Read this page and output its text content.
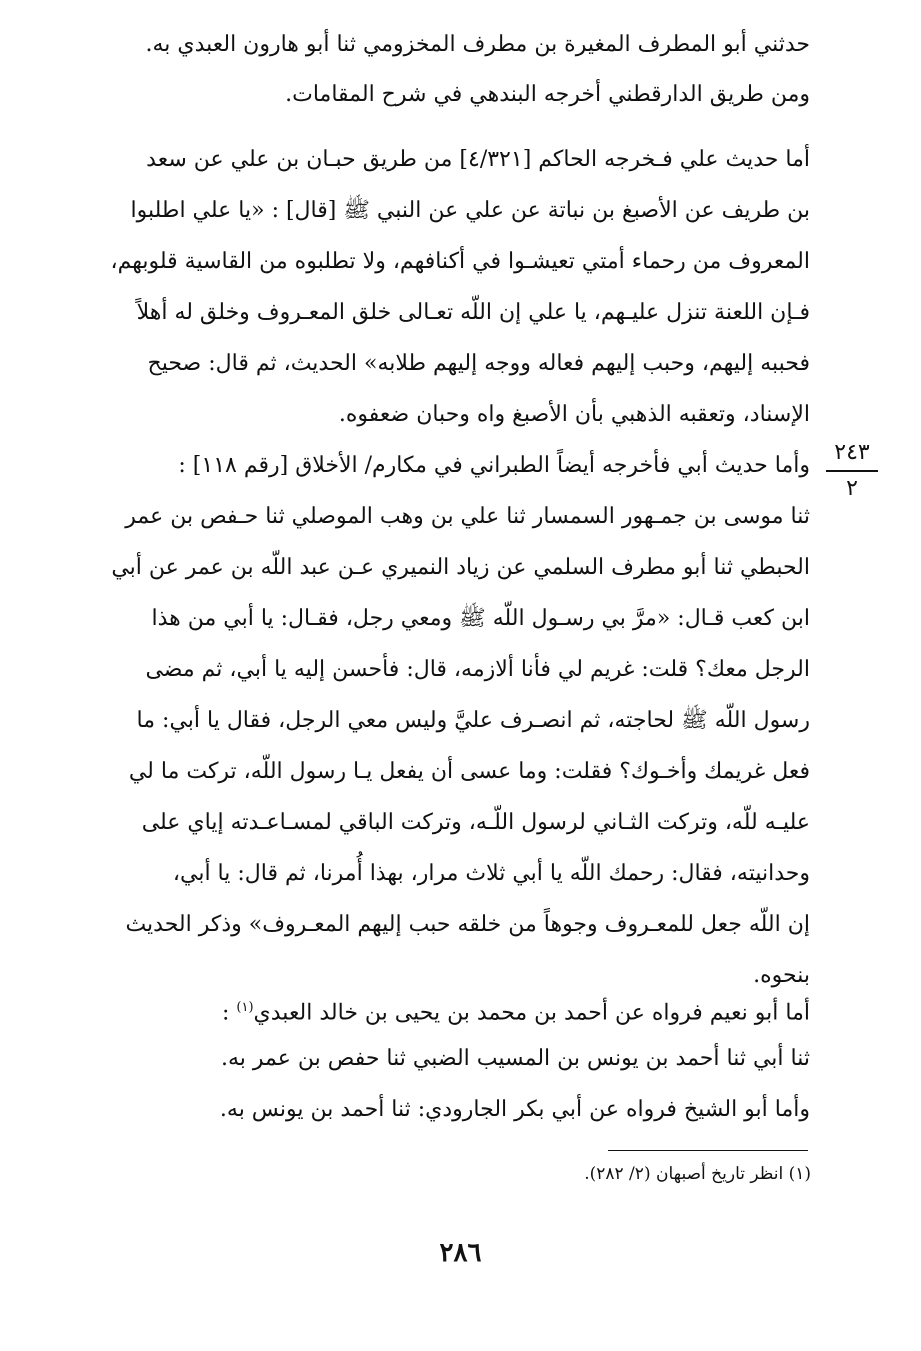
حدثني أبو المطرف المغيرة بن مطرف المخزومي ثنا أبو هارون العبدي به.
ومن طريق الدارقطني أخرجه البندهي في شرح المقامات.
أما حديث علي فـخرجه الحاكم [٤/٣٢١] من طريق حبـان بن علي عن سعد
بن طريف عن الأصبغ بن نباتة عن علي عن النبي ﷺ [قال] : «يا علي اطلبوا
المعروف من رحماء أمتي تعيشـوا في أكنافهم، ولا تطلبوه من القاسية قلوبهم،
فـإن اللعنة تنزل عليـهم، يا علي إن اللّه تعـالى خلق المعـروف وخلق له أهلاً
فحببه إليهم، وحبب إليهم فعاله ووجه إليهم طلابه» الحديث، ثم قال: صحيح
الإسناد، وتعقبه الذهبي بأن الأصبغ واه وحبان ضعفوه.
وأما حديث أبي فأخرجه أيضاً الطبراني في مكارم/ الأخلاق [رقم ١١٨] :
ثنا موسى بن جمـهور السمسار ثنا علي بن وهب الموصلي ثنا حـفص بن عمر
الحبطي ثنا أبو مطرف السلمي عن زياد النميري عـن عبد اللّه بن عمر عن أبي
ابن كعب قـال: «مرَّ بي رسـول اللّه ﷺ ومعي رجل، فقـال: يا أبي من هذا
الرجل معك؟ قلت: غريم لي فأنا ألازمه، قال: فأحسن إليه يا أبي، ثم مضى
رسول اللّه ﷺ لحاجته، ثم انصـرف عليَّ وليس معي الرجل، فقال يا أبي: ما
فعل غريمك وأخـوك؟ فقلت: وما عسى أن يفعل يـا رسول اللّه، تركت ما لي
عليـه للّه، وتركت الثـاني لرسول اللّـه، وتركت الباقي لمسـاعـدته إياي على
وحدانيته، فقال: رحمك اللّه يا أبي ثلاث مرار، بهذا أُمرنا، ثم قال: يا أبي،
إن اللّه جعل للمعـروف وجوهاً من خلقه حبب إليهم المعـروف» وذكر الحديث
بنحوه.
أما أبو نعيم فرواه عن أحمد بن محمد بن يحيى بن خالد العبدي$^{(١)}$ :
ثنا أبي ثنا أحمد بن يونس بن المسيب الضبي ثنا حفص بن عمر به.
وأما أبو الشيخ فرواه عن أبي بكر الجارودي: ثنا أحمد بن يونس به.
٢٤٣
٢
(١) انظر تاريخ أصبهان (٢/ ٢٨٢).
٢٨٦
